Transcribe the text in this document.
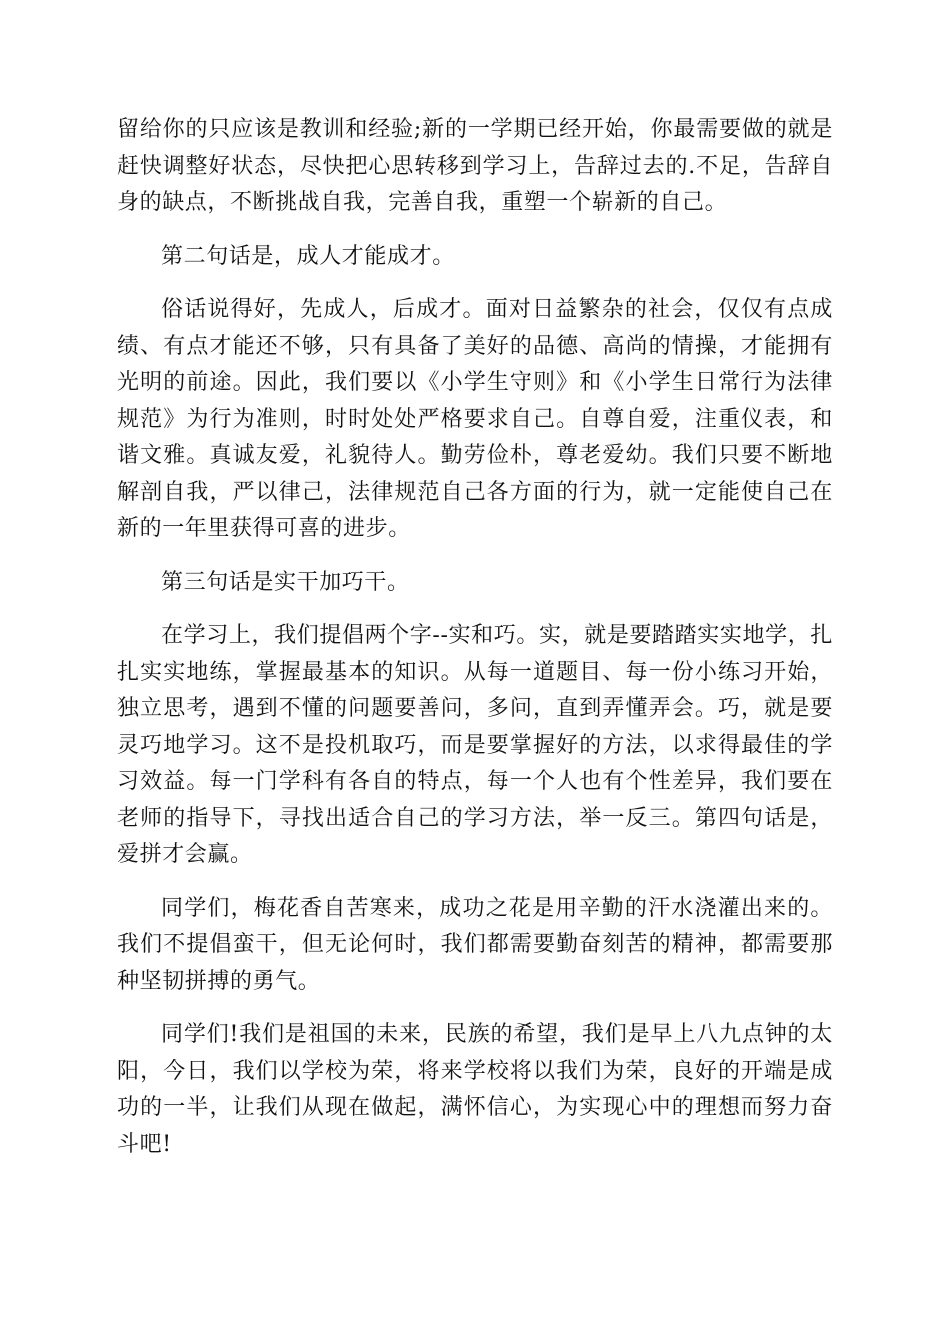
留给你的只应该是教训和经验;新的一学期已经开始，你最需要做的就是赶快调整好状态，尽快把心思转移到学习上，告辞过去的.不足，告辞自身的缺点，不断挑战自我，完善自我，重塑一个崭新的自己。

第二句话是，成人才能成才。

俗话说得好，先成人，后成才。面对日益繁杂的社会，仅仅有点成绩、有点才能还不够，只有具备了美好的品德、高尚的情操，才能拥有光明的前途。因此，我们要以《小学生守则》和《小学生日常行为法律规范》为行为准则，时时处处严格要求自己。自尊自爱，注重仪表，和谐文雅。真诚友爱，礼貌待人。勤劳俭朴，尊老爱幼。我们只要不断地解剖自我，严以律己，法律规范自己各方面的行为，就一定能使自己在新的一年里获得可喜的进步。

第三句话是实干加巧干。

在学习上，我们提倡两个字--实和巧。实，就是要踏踏实实地学，扎扎实实地练，掌握最基本的知识。从每一道题目、每一份小练习开始，独立思考，遇到不懂的问题要善问，多问，直到弄懂弄会。巧，就是要灵巧地学习。这不是投机取巧，而是要掌握好的方法，以求得最佳的学习效益。每一门学科有各自的特点，每一个人也有个性差异，我们要在老师的指导下，寻找出适合自己的学习方法，举一反三。第四句话是，爱拼才会赢。

同学们，梅花香自苦寒来，成功之花是用辛勤的汗水浇灌出来的。我们不提倡蛮干，但无论何时，我们都需要勤奋刻苦的精神，都需要那种坚韧拼搏的勇气。

同学们!我们是祖国的未来，民族的希望，我们是早上八九点钟的太阳，今日，我们以学校为荣，将来学校将以我们为荣，良好的开端是成功的一半，让我们从现在做起，满怀信心，为实现心中的理想而努力奋斗吧!
